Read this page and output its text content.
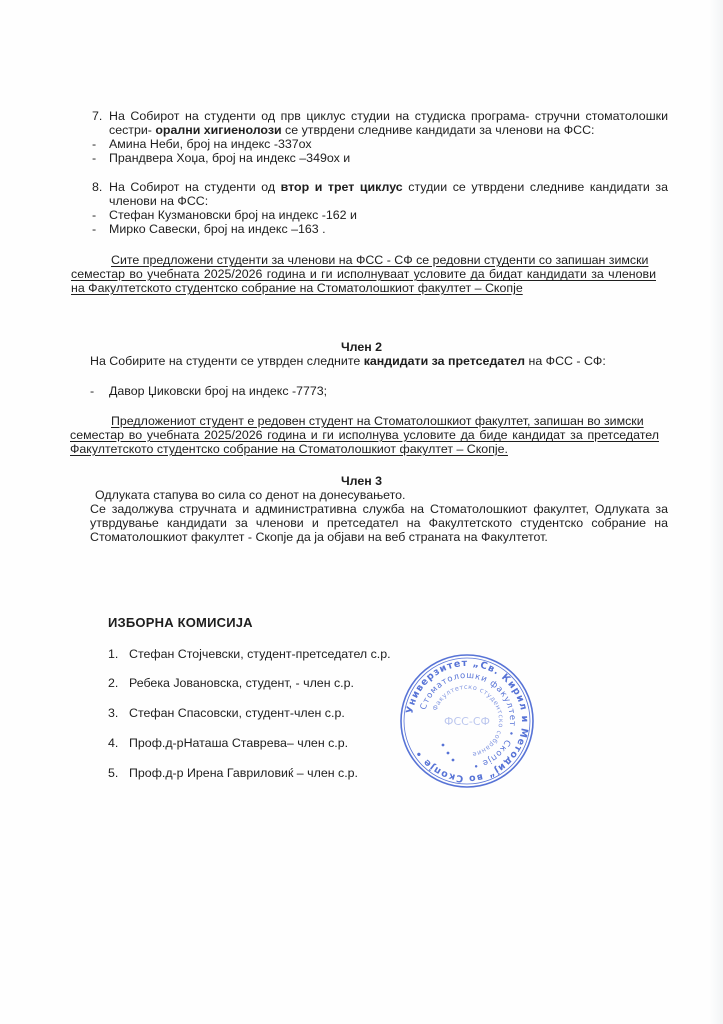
7. На Собирот на студенти од прв циклус студии на студиска програма- стручни стоматолошки
сестри- орални хигиенолози се утврдени следниве кандидати за членови на ФСС:
- Амина Неби, број на индекс -337ох
- Прандвера Хоџа, број на индекс –349ох и
8. На Собирот на студенти од втор и трет циклус студии се утврдени следниве кандидати за
членови на ФСС:
- Стефан Кузмановски број на индекс -162 и
- Мирко Савески, број на индекс –163 .
Сите предложени студенти за членови на ФСС - СФ се редовни студенти со запишан зимски
семестар во учебната 2025/2026 година и ги исполнуваат условите да бидат кандидати за членови
на Факултетското студентско собрание на Стоматолошкиот факултет – Скопје
Член 2
На Собирите на студенти се утврден следните кандидати за претседател на ФСС - СФ:
- Давор Џиковски број на индекс -7773;
Предложениот студент е редовен студент на Стоматолошкиот факултет, запишан во зимски
семестар во учебната 2025/2026 година и ги исполнува условите да биде кандидат за претседател
Факултетското студентско собрание на Стоматолошкиот факултет – Скопје.
Член 3
Одлуката стапува во сила со денот на донесувањето.
Се задолжува стручната и административна служба на Стоматолошкиот факултет, Одлуката за
утврдување кандидати за членови и претседател на Факултетското студентско собрание на
Стоматолошкиот факултет - Скопје да ја објави на веб страната на Факултетот.
ИЗБОРНА КОМИСИЈА
1. Стефан Стојчевски, студент-претседател с.р.
2. Ребека Јовановска, студент, - член с.р.
3. Стефан Спасовски, студент-член с.р.
4. Проф.д-рНаташа Ставрева– член с.р.
5. Проф.д-р Ирена Гавриловиќ – член с.р.
Универзитет „Св. Кирил и Методиј“ во Скопје •
Стоматолошки факултет • Скопје •
Факултетско студентско собрание
ФСС-СФ
